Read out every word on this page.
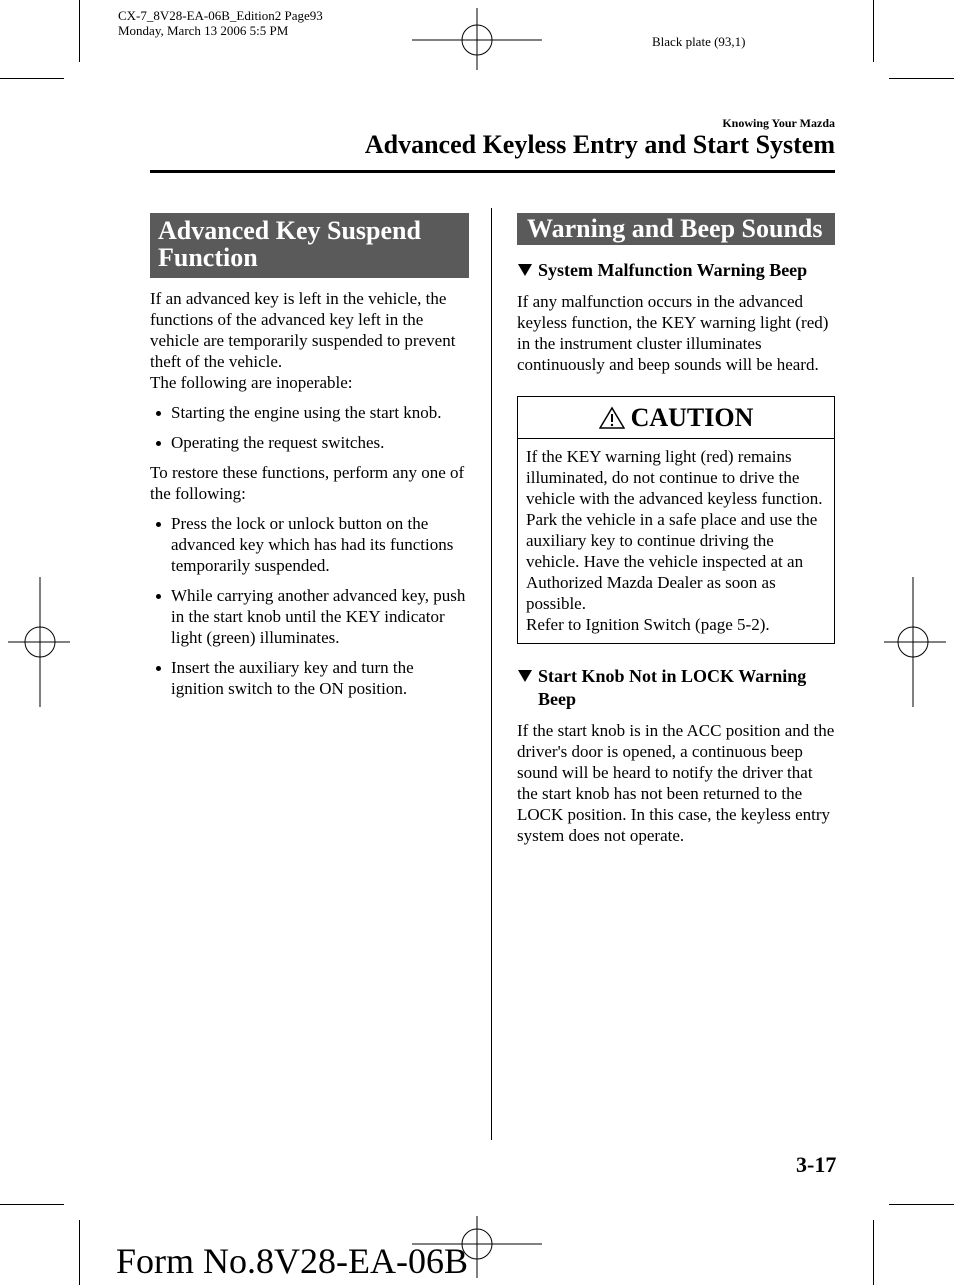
CX-7_8V28-EA-06B_Edition2 Page93
Monday, March 13 2006 5:5 PM
Black plate (93,1)
Knowing Your Mazda
Advanced Keyless Entry and Start System
Advanced Key Suspend Function

If an advanced key is left in the vehicle, the functions of the advanced key left in the vehicle are temporarily suspended to prevent theft of the vehicle.

The following are inoperable:

Starting the engine using the start knob.
Operating the request switches.

To restore these functions, perform any one of the following:

Press the lock or unlock button on the advanced key which has had its functions temporarily suspended.
While carrying another advanced key, push in the start knob until the KEY indicator light (green) illuminates.
Insert the auxiliary key and turn the ignition switch to the ON position.
Warning and Beep Sounds
System Malfunction Warning Beep

If any malfunction occurs in the advanced keyless function, the KEY warning light (red) in the instrument cluster illuminates continuously and beep sounds will be heard.

CAUTION
If the KEY warning light (red) remains illuminated, do not continue to drive the vehicle with the advanced keyless function. Park the vehicle in a safe place and use the auxiliary key to continue driving the vehicle. Have the vehicle inspected at an Authorized Mazda Dealer as soon as possible.
Refer to Ignition Switch (page 5-2).
Start Knob Not in LOCK Warning Beep

If the start knob is in the ACC position and the driver's door is opened, a continuous beep sound will be heard to notify the driver that the start knob has not been returned to the LOCK position. In this case, the keyless entry system does not operate.

3-17
Form No.8V28-EA-06B
